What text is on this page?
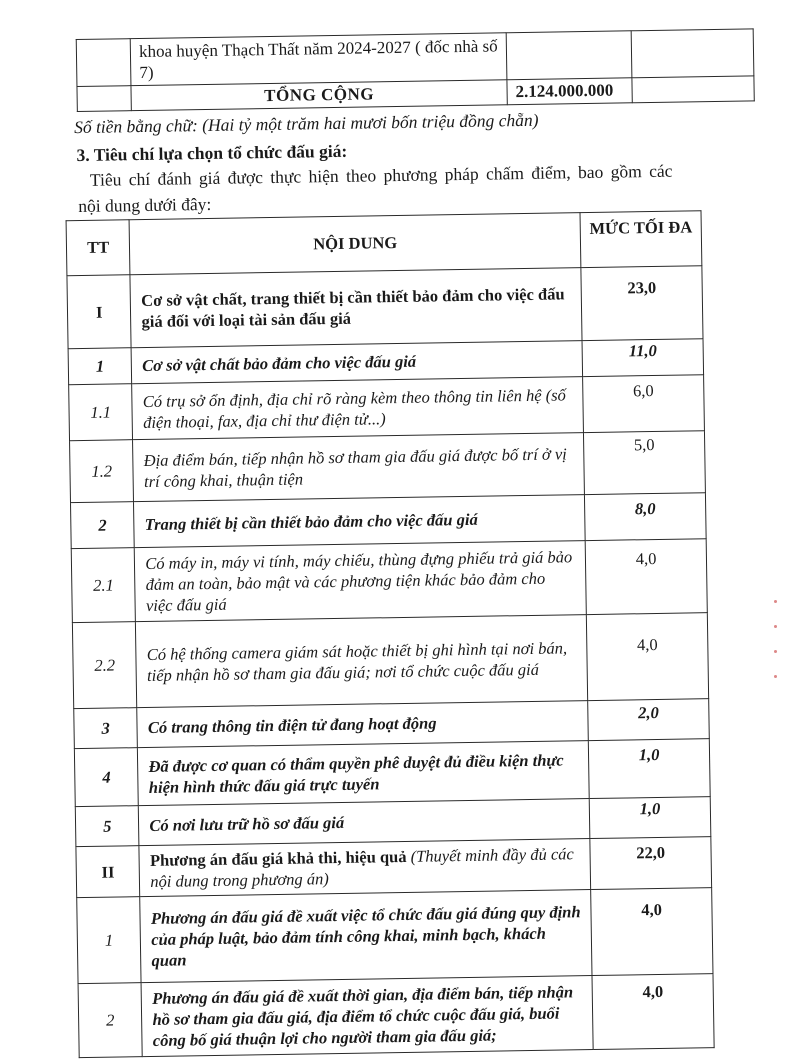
	khoa huyện Thạch Thất năm 2024-2027 ( đốc nhà số 7)		
	TỔNG CỘNG	2.124.000.000	
Số tiền bằng chữ: (Hai tỷ một trăm hai mươi bốn triệu đồng chẵn)
3. Tiêu chí lựa chọn tổ chức đấu giá:
Tiêu chí đánh giá được thực hiện theo phương pháp chấm điểm, bao gồm các
nội dung dưới đây:
TT	NỘI DUNG	MỨC TỐI ĐA
I	Cơ sở vật chất, trang thiết bị cần thiết bảo đảm cho việc đấu giá đối với loại tài sản đấu giá	23,0
1	Cơ sở vật chất bảo đảm cho việc đấu giá	11,0
1.1	Có trụ sở ổn định, địa chỉ rõ ràng kèm theo thông tin liên hệ (số điện thoại, fax, địa chỉ thư điện tử...)	6,0
1.2	Địa điểm bán, tiếp nhận hồ sơ tham gia đấu giá được bố trí ở vị trí công khai, thuận tiện	5,0
2	Trang thiết bị cần thiết bảo đảm cho việc đấu giá	8,0
2.1	Có máy in, máy vi tính, máy chiếu, thùng đựng phiếu trả giá bảo đảm an toàn, bảo mật và các phương tiện khác bảo đảm cho việc đấu giá	4,0
2.2	Có hệ thống camera giám sát hoặc thiết bị ghi hình tại nơi bán, tiếp nhận hồ sơ tham gia đấu giá; nơi tổ chức cuộc đấu giá	4,0
3	Có trang thông tin điện tử đang hoạt động	2,0
4	Đã được cơ quan có thẩm quyền phê duyệt đủ điều kiện thực hiện hình thức đấu giá trực tuyến	1,0
5	Có nơi lưu trữ hồ sơ đấu giá	1,0
II	Phương án đấu giá khả thi, hiệu quả (Thuyết minh đầy đủ các nội dung trong phương án)	22,0
1	Phương án đấu giá đề xuất việc tổ chức đấu giá đúng quy định của pháp luật, bảo đảm tính công khai, minh bạch, khách quan	4,0
2	Phương án đấu giá đề xuất thời gian, địa điểm bán, tiếp nhận hồ sơ tham gia đấu giá, địa điểm tổ chức cuộc đấu giá, buổi công bố giá thuận lợi cho người tham gia đấu giá;	4,0
